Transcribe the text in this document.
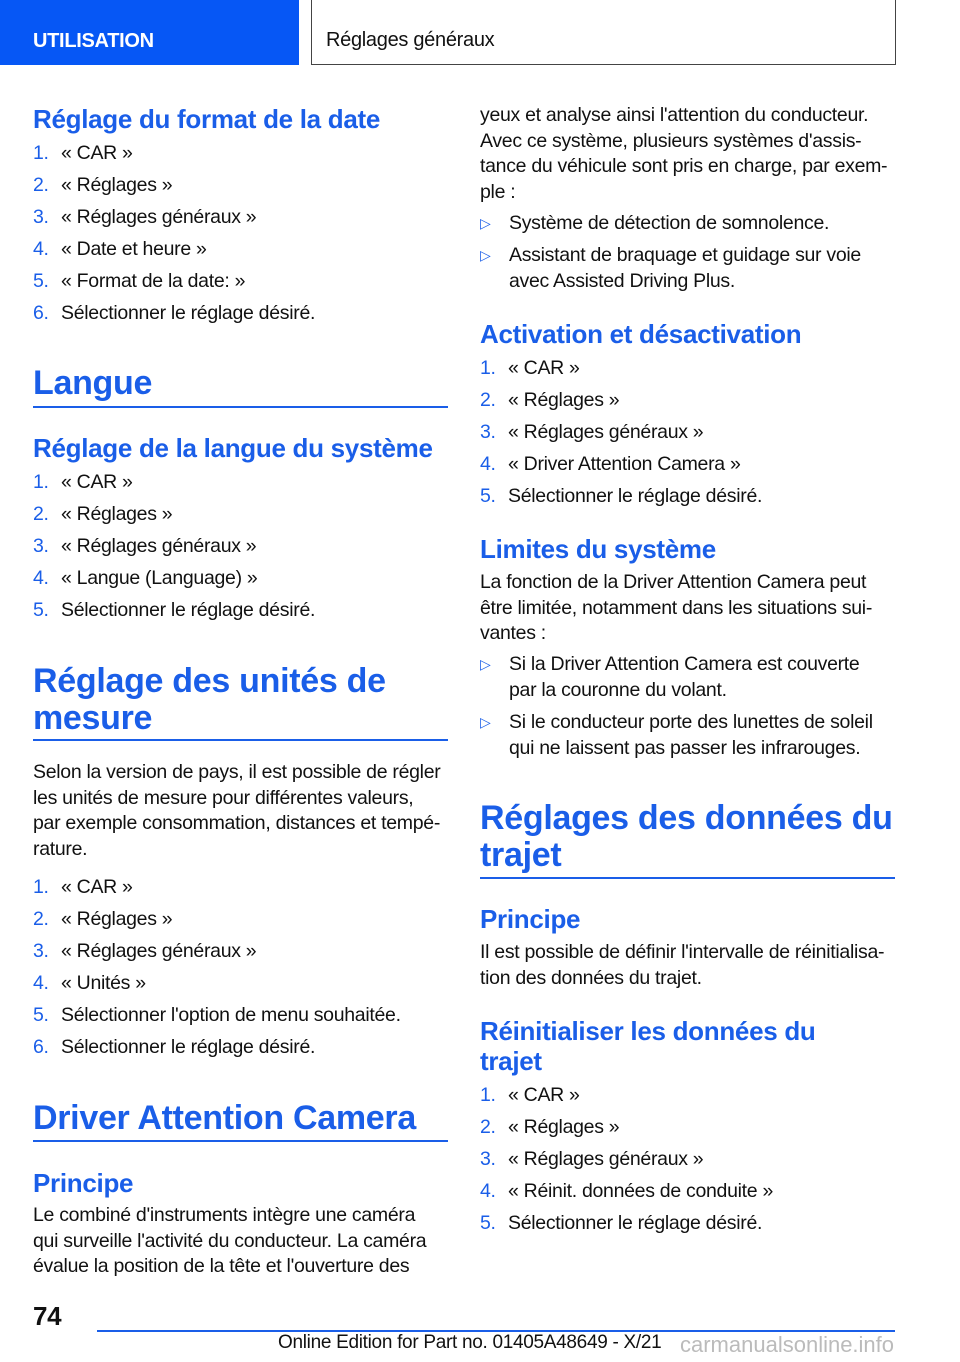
UTILISATION	Réglages généraux
Réglage du format de la date
1. « CAR »
2. « Réglages »
3. « Réglages généraux »
4. « Date et heure »
5. « Format de la date: »
6. Sélectionner le réglage désiré.
Langue
Réglage de la langue du système
1. « CAR »
2. « Réglages »
3. « Réglages généraux »
4. « Langue (Language) »
5. Sélectionner le réglage désiré.
Réglage des unités de
mesure
Selon la version de pays, il est possible de régler
les unités de mesure pour différentes valeurs,
par exemple consommation, distances et tempé-
rature.
1. « CAR »
2. « Réglages »
3. « Réglages généraux »
4. « Unités »
5. Sélectionner l'option de menu souhaitée.
6. Sélectionner le réglage désiré.
Driver Attention Camera
Principe
Le combiné d'instruments intègre une caméra
qui surveille l'activité du conducteur. La caméra
évalue la position de la tête et l'ouverture des
yeux et analyse ainsi l'attention du conducteur.
Avec ce système, plusieurs systèmes d'assis-
tance du véhicule sont pris en charge, par exem-
ple :
▷ Système de détection de somnolence.
▷ Assistant de braquage et guidage sur voie
avec Assisted Driving Plus.
Activation et désactivation
1. « CAR »
2. « Réglages »
3. « Réglages généraux »
4. « Driver Attention Camera »
5. Sélectionner le réglage désiré.
Limites du système
La fonction de la Driver Attention Camera peut
être limitée, notamment dans les situations sui-
vantes :
▷ Si la Driver Attention Camera est couverte
par la couronne du volant.
▷ Si le conducteur porte des lunettes de soleil
qui ne laissent pas passer les infrarouges.
Réglages des données du
trajet
Principe
Il est possible de définir l'intervalle de réinitialisa-
tion des données du trajet.
Réinitialiser les données du
trajet
1. « CAR »
2. « Réglages »
3. « Réglages généraux »
4. « Réinit. données de conduite »
5. Sélectionner le réglage désiré.
74
Online Edition for Part no. 01405A48649 - X/21 carmanualsonline.info
